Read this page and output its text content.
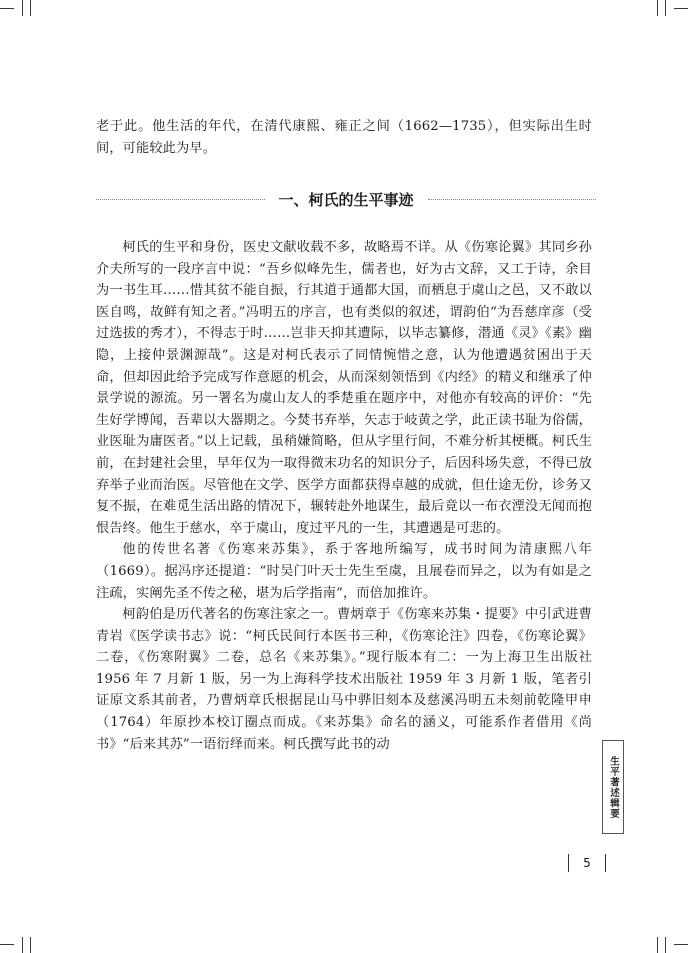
老于此。他生活的年代，在清代康熙、雍正之间（1662—1735），但实际出生时间，可能较此为早。

一、柯氏的生平事迹

柯氏的生平和身份，医史文献收载不多，故略焉不详。从《伤寒论翼》其同乡孙介夫所写的一段序言中说：“吾乡似峰先生，儒者也，好为古文辞，又工于诗，余目为一书生耳……惜其贫不能自振，行其道于通都大国，而栖息于虞山之邑，又不敢以医自鸣，故鲜有知之者。”冯明五的序言，也有类似的叙述，谓韵伯“为吾慈庠彦（受过选拔的秀才），不得志于时……岂非天抑其遭际，以毕志纂修，潜通《灵》《素》幽隐，上接仲景渊源哉”。这是对柯氏表示了同情惋惜之意，认为他遭遇贫困出于天命，但却因此给予完成写作意愿的机会，从而深刻领悟到《内经》的精义和继承了仲景学说的源流。另一署名为虞山友人的季楚重在题序中，对他亦有较高的评价：“先生好学博闻，吾辈以大器期之。今焚书弃举，矢志于岐黄之学，此正读书耻为俗儒，业医耻为庸医者。”以上记载，虽稍嫌简略，但从字里行间，不难分析其梗概。柯氏生前，在封建社会里，早年仅为一取得微末功名的知识分子，后因科场失意，不得已放弃举子业而治医。尽管他在文学、医学方面都获得卓越的成就，但仕途无份，诊务又复不振，在难觅生活出路的情况下，辗转赴外地谋生，最后竟以一布衣湮没无闻而抱恨告终。他生于慈水，卒于虞山，度过平凡的一生，其遭遇是可悲的。

他的传世名著《伤寒来苏集》，系于客地所编写，成书时间为清康熙八年（1669）。据冯序还提道：“时吴门叶天士先生至虞，且展卷而异之，以为有如是之注疏，实阐先圣不传之秘，堪为后学指南”，而倍加推许。

柯韵伯是历代著名的伤寒注家之一。曹炳章于《伤寒来苏集・提要》中引武进曹青岩《医学读书志》说：“柯氏民间行本医书三种，《伤寒论注》四卷，《伤寒论翼》二卷，《伤寒附翼》二卷，总名《来苏集》。”现行版本有二：一为上海卫生出版社 1956 年 7 月新 1 版，另一为上海科学技术出版社 1959 年 3 月新 1 版，笔者引证原文系其前者，乃曹炳章氏根据昆山马中骅旧刻本及慈溪冯明五未刻前乾隆甲申（1764）年原抄本校订圈点而成。《来苏集》命名的涵义，可能系作者借用《尚书》“后来其苏”一语衍绎而来。柯氏撰写此书的动

生平著述辑要
5
